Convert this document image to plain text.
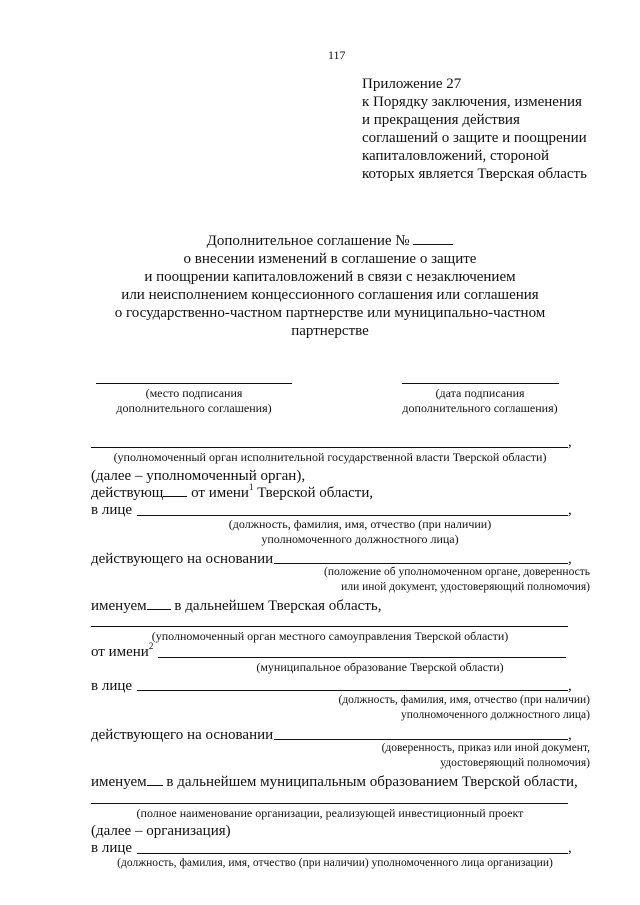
117
Приложение 27
к Порядку заключения, изменения
и прекращения действия
соглашений о защите и поощрении
капиталовложений, стороной
которых является Тверская область
Дополнительное соглашение №
о внесении изменений в соглашение о защите
и поощрении капиталовложений в связи с незаключением
или неисполнением концессионного соглашения или соглашения
о государственно-частном партнерстве или муниципально-частном
партнерстве
(место подписания
дополнительного соглашения)
(дата подписания
дополнительного соглашения)
,
(уполномоченный орган исполнительной государственной власти Тверской области)
(далее – уполномоченный орган),
действующ от имени$^1$ Тверской области,
в лице	,
(должность, фамилия, имя, отчество (при наличии)
уполномоченного должностного лица)
действующего на основании	,
(положение об уполномоченном органе, доверенность
или иной документ, удостоверяющий полномочия)
именуем в дальнейшем Тверская область,
(уполномоченный орган местного самоуправления Тверской области)
от имени$^2$
(муниципальное образование Тверской области)
в лице	,
(должность, фамилия, имя, отчество (при наличии)
уполномоченного должностного лица)
действующего на основании	,
(доверенность, приказ или иной документ,
удостоверяющий полномочия)
именуем в дальнейшем муниципальным образованием Тверской области,
(полное наименование организации, реализующей инвестиционный проект
(далее – организация)
в лице	,
(должность, фамилия, имя, отчество (при наличии) уполномоченного лица организации)
